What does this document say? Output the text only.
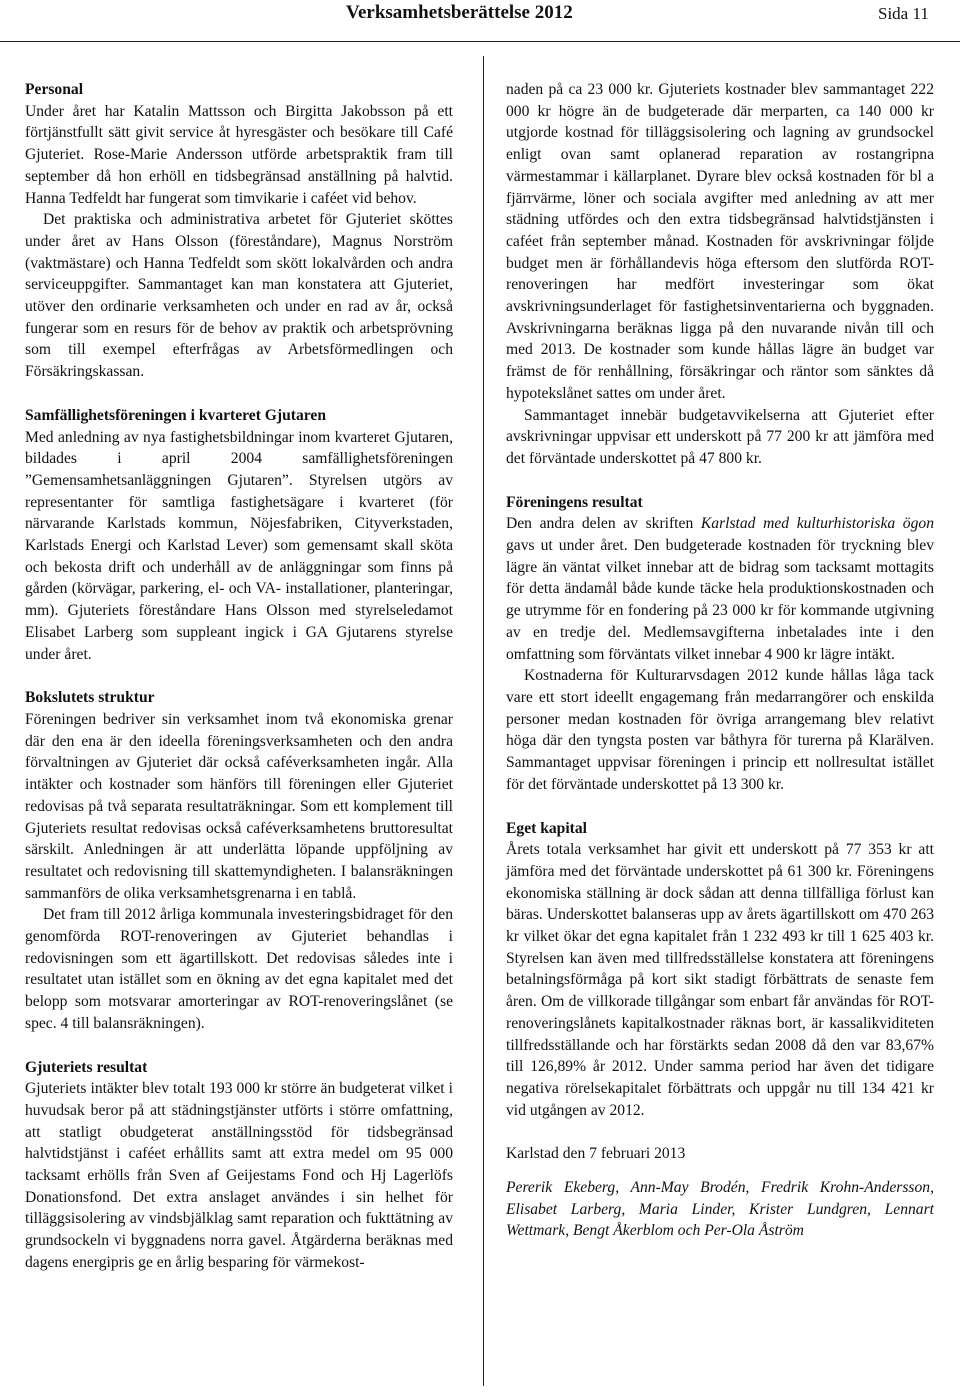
Verksamhetsberättelse 2012	Sida 11

Personal

Under året har Katalin Mattsson och Birgitta Jakobsson på ett förtjänstfullt sätt givit service åt hyresgäster och besökare till Café Gjuteriet. Rose-Marie Andersson utförde arbetspraktik fram till september då hon erhöll en tidsbegränsad anställning på halvtid. Hanna Tedfeldt har fungerat som timvikarie i caféet vid behov.

Det praktiska och administrativa arbetet för Gjuteriet sköttes under året av Hans Olsson (föreståndare), Magnus Norström (vaktmästare) och Hanna Tedfeldt som skött lokalvården och andra serviceuppgifter. Sammantaget kan man konstatera att Gjuteriet, utöver den ordinarie verksamheten och under en rad av år, också fungerar som en resurs för de behov av praktik och arbetsprövning som till exempel efterfrågas av Arbetsförmedlingen och Försäkringskassan.

Samfällighetsföreningen i kvarteret Gjutaren

Med anledning av nya fastighetsbildningar inom kvarteret Gjutaren, bildades i april 2004 samfällighetsföreningen ”Gemensamhetsanläggningen Gjutaren”. Styrelsen utgörs av representanter för samtliga fastighetsägare i kvarteret (för närvarande Karlstads kommun, Nöjesfabriken, Cityverkstaden, Karlstads Energi och Karlstad Lever) som gemensamt skall sköta och bekosta drift och underhåll av de anläggningar som finns på gården (körvägar, parkering, el- och VA- installationer, planteringar, mm). Gjuteriets föreståndare Hans Olsson med styrelseledamot Elisabet Larberg som suppleant ingick i GA Gjutarens styrelse under året.

Bokslutets struktur

Föreningen bedriver sin verksamhet inom två ekonomiska grenar där den ena är den ideella föreningsverksamheten och den andra förvaltningen av Gjuteriet där också caféverksamheten ingår. Alla intäkter och kostnader som hänförs till föreningen eller Gjuteriet redovisas på två separata resultaträkningar. Som ett komplement till Gjuteriets resultat redovisas också caféverksamhetens bruttoresultat särskilt. Anledningen är att underlätta löpande uppföljning av resultatet och redovisning till skattemyndigheten. I balansräkningen sammanförs de olika verksamhetsgrenarna i en tablå.

Det fram till 2012 årliga kommunala investeringsbidraget för den genomförda ROT-renoveringen av Gjuteriet behandlas i redovisningen som ett ägartillskott. Det redovisas således inte i resultatet utan istället som en ökning av det egna kapitalet med det belopp som motsvarar amorteringar av ROT-renoveringslånet (se spec. 4 till balansräkningen).

Gjuteriets resultat

Gjuteriets intäkter blev totalt 193 000 kr större än budgeterat vilket i huvudsak beror på att städningstjänster utförts i större omfattning, att statligt obudgeterat anställningsstöd för tidsbegränsad halvtidstjänst i caféet erhållits samt att extra medel om 95 000 tacksamt erhölls från Sven af Geijestams Fond och Hj Lagerlöfs Donationsfond. Det extra anslaget användes i sin helhet för tilläggsisolering av vindsbjälklag samt reparation och fukttätning av grundsockeln vi byggnadens norra gavel. Åtgärderna beräknas med dagens energipris ge en årlig besparing för värmekost-

naden på ca 23 000 kr. Gjuteriets kostnader blev sammantaget 222 000 kr högre än de budgeterade där merparten, ca 140 000 kr utgjorde kostnad för tilläggsisolering och lagning av grundsockel enligt ovan samt oplanerad reparation av rostangripna värmestammar i källarplanet. Dyrare blev också kostnaden för bl a fjärrvärme, löner och sociala avgifter med anledning av att mer städning utfördes och den extra tidsbegränsad halvtidstjänsten i caféet från september månad. Kostnaden för avskrivningar följde budget men är förhållandevis höga eftersom den slutförda ROT-renoveringen har medfört investeringar som ökat avskrivningsunderlaget för fastighetsinventarierna och byggnaden. Avskrivningarna beräknas ligga på den nuvarande nivån till och med 2013. De kostnader som kunde hållas lägre än budget var främst de för renhållning, försäkringar och räntor som sänktes då hypotekslånet sattes om under året.

Sammantaget innebär budgetavvikelserna att Gjuteriet efter avskrivningar uppvisar ett underskott på 77 200 kr att jämföra med det förväntade underskottet på 47 800 kr.

Föreningens resultat

Den andra delen av skriften Karlstad med kulturhistoriska ögon gavs ut under året. Den budgeterade kostnaden för tryckning blev lägre än väntat vilket innebar att de bidrag som tacksamt mottagits för detta ändamål både kunde täcke hela produktionskostnaden och ge utrymme för en fondering på 23 000 kr för kommande utgivning av en tredje del. Medlemsavgifterna inbetalades inte i den omfattning som förväntats vilket innebar 4 900 kr lägre intäkt.

Kostnaderna för Kulturarvsdagen 2012 kunde hållas låga tack vare ett stort ideellt engagemang från medarrangörer och enskilda personer medan kostnaden för övriga arrangemang blev relativt höga där den tyngsta posten var båthyra för turerna på Klarälven. Sammantaget uppvisar föreningen i princip ett nollresultat istället för det förväntade underskottet på 13 300 kr.

Eget kapital

Årets totala verksamhet har givit ett underskott på 77 353 kr att jämföra med det förväntade underskottet på 61 300 kr. Föreningens ekonomiska ställning är dock sådan att denna tillfälliga förlust kan bäras. Underskottet balanseras upp av årets ägartillskott om 470 263 kr vilket ökar det egna kapitalet från 1 232 493 kr till 1 625 403 kr. Styrelsen kan även med tillfredsställelse konstatera att föreningens betalningsförmåga på kort sikt stadigt förbättrats de senaste fem åren. Om de villkorade tillgångar som enbart får användas för ROT-renoveringslånets kapitalkostnader räknas bort, är kassalikviditeten tillfredsställande och har förstärkts sedan 2008 då den var 83,67% till 126,89% år 2012. Under samma period har även det tidigare negativa rörelsekapitalet förbättrats och uppgår nu till 134 421 kr vid utgången av 2012.

Karlstad den 7 februari 2013

Pererik Ekeberg, Ann-May Brodén, Fredrik Krohn-Andersson, Elisabet Larberg, Maria Linder, Krister Lundgren, Lennart Wettmark, Bengt Åkerblom och Per-Ola Åström
